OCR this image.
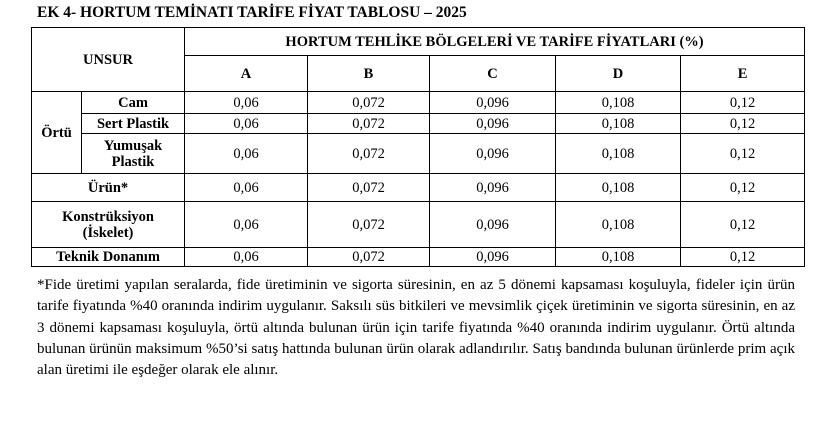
EK 4- HORTUM TEMİNATI TARİFE FİYAT TABLOSU – 2025
UNSUR		HORTUM TEHLİKE BÖLGELERİ VE TARİFE FİYATLARI (%)				
		A	B	C	D	E
Örtü	Cam	0,06	0,072	0,096	0,108	0,12
	Sert Plastik	0,06	0,072	0,096	0,108	0,12
	Yumuşak
Plastik	0,06	0,072	0,096	0,108	0,12
Ürün*		0,06	0,072	0,096	0,108	0,12
Konstrüksiyon
(İskelet)		0,06	0,072	0,096	0,108	0,12
Teknik Donanım		0,06	0,072	0,096	0,108	0,12
*Fide üretimi yapılan seralarda, fide üretiminin ve sigorta süresinin, en az 5 dönemi kapsaması koşuluyla, fideler için ürün tarife fiyatında %40 oranında indirim uygulanır. Saksılı süs bitkileri ve mevsimlik çiçek üretiminin ve sigorta süresinin, en az 3 dönemi kapsaması koşuluyla, örtü altında bulunan ürün için tarife fiyatında %40 oranında indirim uygulanır. Örtü altında bulunan ürünün maksimum %50’si satış hattında bulunan ürün olarak adlandırılır. Satış bandında bulunan ürünlerde prim açık alan üretimi ile eşdeğer olarak ele alınır.
